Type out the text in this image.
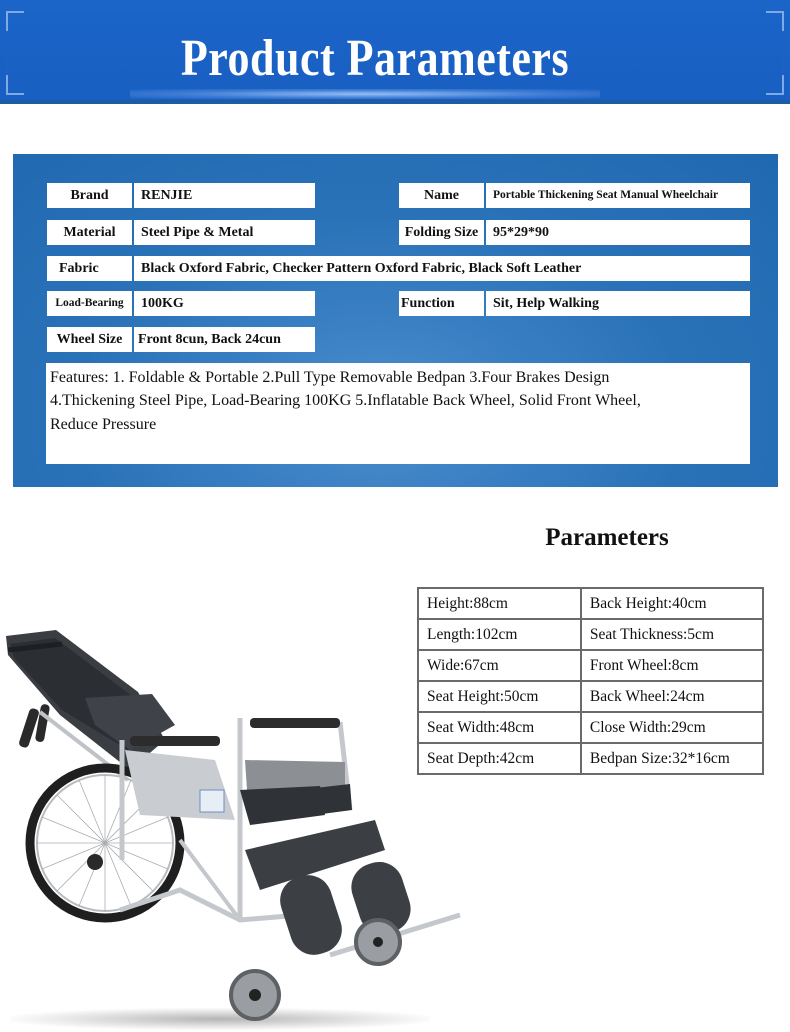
Product Parameters
Brand	RENJIE	Name	Portable Thickening Seat Manual Wheelchair
Material	Steel Pipe & Metal	Folding Size	95*29*90
Fabric	Black Oxford Fabric, Checker Pattern Oxford Fabric, Black Soft Leather
Load-Bearing	100KG	Function	Sit, Help Walking
Wheel Size	Front 8cun, Back 24cun
Features: 1. Foldable & Portable 2.Pull Type Removable Bedpan 3.Four Brakes Design
4.Thickening Steel Pipe, Load-Bearing 100KG 5.Inflatable Back Wheel, Solid Front Wheel,
Reduce Pressure
Parameters
Height:88cm	Back Height:40cm
Length:102cm	Seat Thickness:5cm
Wide:67cm	Front Wheel:8cm
Seat Height:50cm	Back Wheel:24cm
Seat Width:48cm	Close Width:29cm
Seat Depth:42cm	Bedpan Size:32*16cm
